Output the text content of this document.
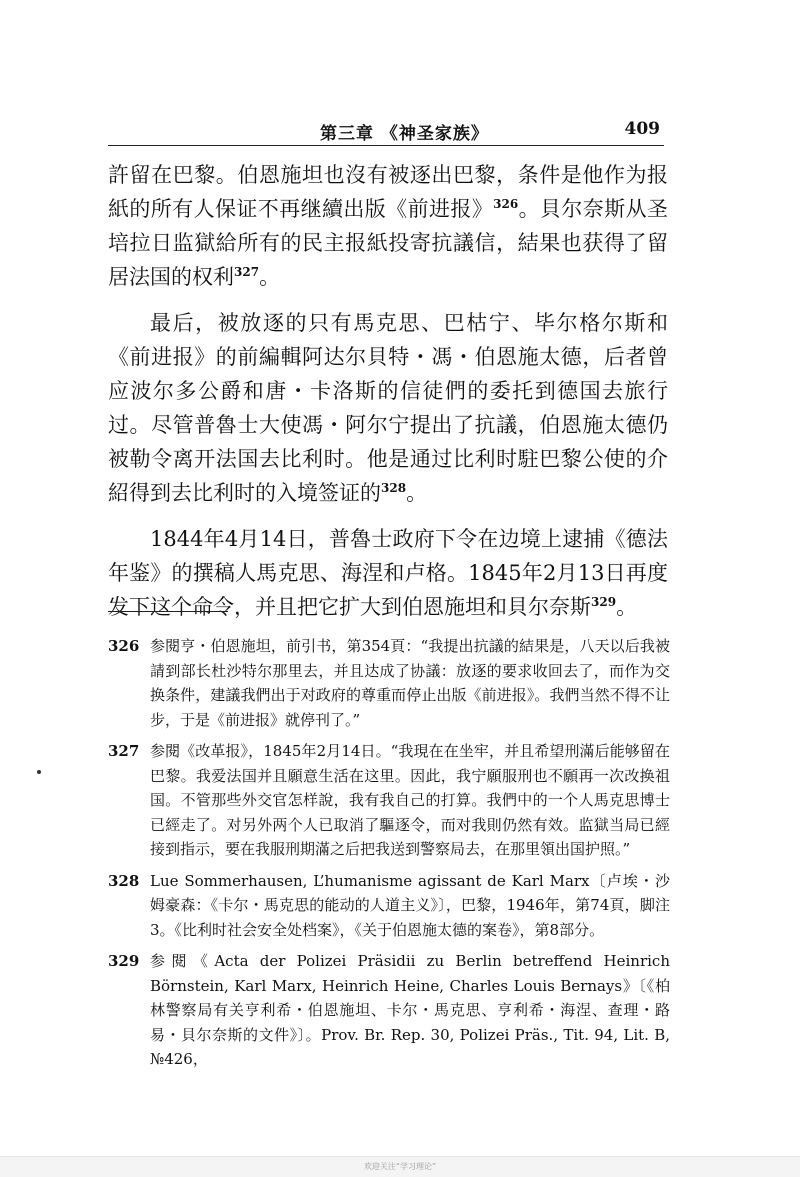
第三章 《神圣家族》	409

許留在巴黎。伯恩施坦也沒有被逐出巴黎，条件是他作为报紙的所有人保证不再继續出版《前进报》$^{326}$。貝尔奈斯从圣培拉日监獄給所有的民主报紙投寄抗議信，結果也获得了留居法国的权利$^{327}$。

最后，被放逐的只有馬克思、巴枯宁、毕尔格尔斯和《前进报》的前編輯阿达尔貝特・馮・伯恩施太德，后者曾应波尔多公爵和唐・卡洛斯的信徒們的委托到德国去旅行过。尽管普魯士大使馮・阿尔宁提出了抗議，伯恩施太德仍被勒令离开法国去比利时。他是通过比利时駐巴黎公使的介紹得到去比利时的入境签证的$^{328}$。

1844年4月14日，普魯士政府下令在边境上逮捕《德法年鉴》的撰稿人馬克思、海涅和卢格。1845年2月13日再度发下这个命令，并且把它扩大到伯恩施坦和貝尔奈斯$^{329}$。

326 参閱亨・伯恩施坦，前引书，第354頁：“我提出抗議的結果是，八天以后我被請到部长杜沙特尔那里去，并且达成了协議：放逐的要求收回去了，而作为交换条件，建議我們出于对政府的尊重而停止出版《前进报》。我們当然不得不让步，于是《前进报》就停刊了。”
327 参閱《改革报》，1845年2月14日。“我現在在坐牢，并且希望刑滿后能够留在巴黎。我爱法国并且願意生活在这里。因此，我宁願服刑也不願再一次改换祖国。不管那些外交官怎样說，我有我自己的打算。我們中的一个人馬克思博士已經走了。对另外两个人已取消了驅逐令，而对我則仍然有效。监獄当局已經接到指示，要在我服刑期滿之后把我送到警察局去，在那里領出国护照。”
328 Lue Sommerhausen, L’humanisme agissant de Karl Marx〔卢埃・沙姆豪森：《卡尔・馬克思的能动的人道主义》〕，巴黎，1946年，第74頁，脚注3。《比利时社会安全处档案》，《关于伯恩施太德的案卷》，第8部分。
329 参閱《Acta der Polizei Präsidii zu Berlin betreffend Heinrich Börnstein, Karl Marx, Heinrich Heine, Charles Louis Bernays》〔《柏林警察局有关亨利希・伯恩施坦、卡尔・馬克思、亨利希・海涅、查理・路易・貝尔奈斯的文件》〕。Prov. Br. Rep. 30, Polizei Präs., Tit. 94, Lit. B, №426，
欢迎关注“学习理论”
